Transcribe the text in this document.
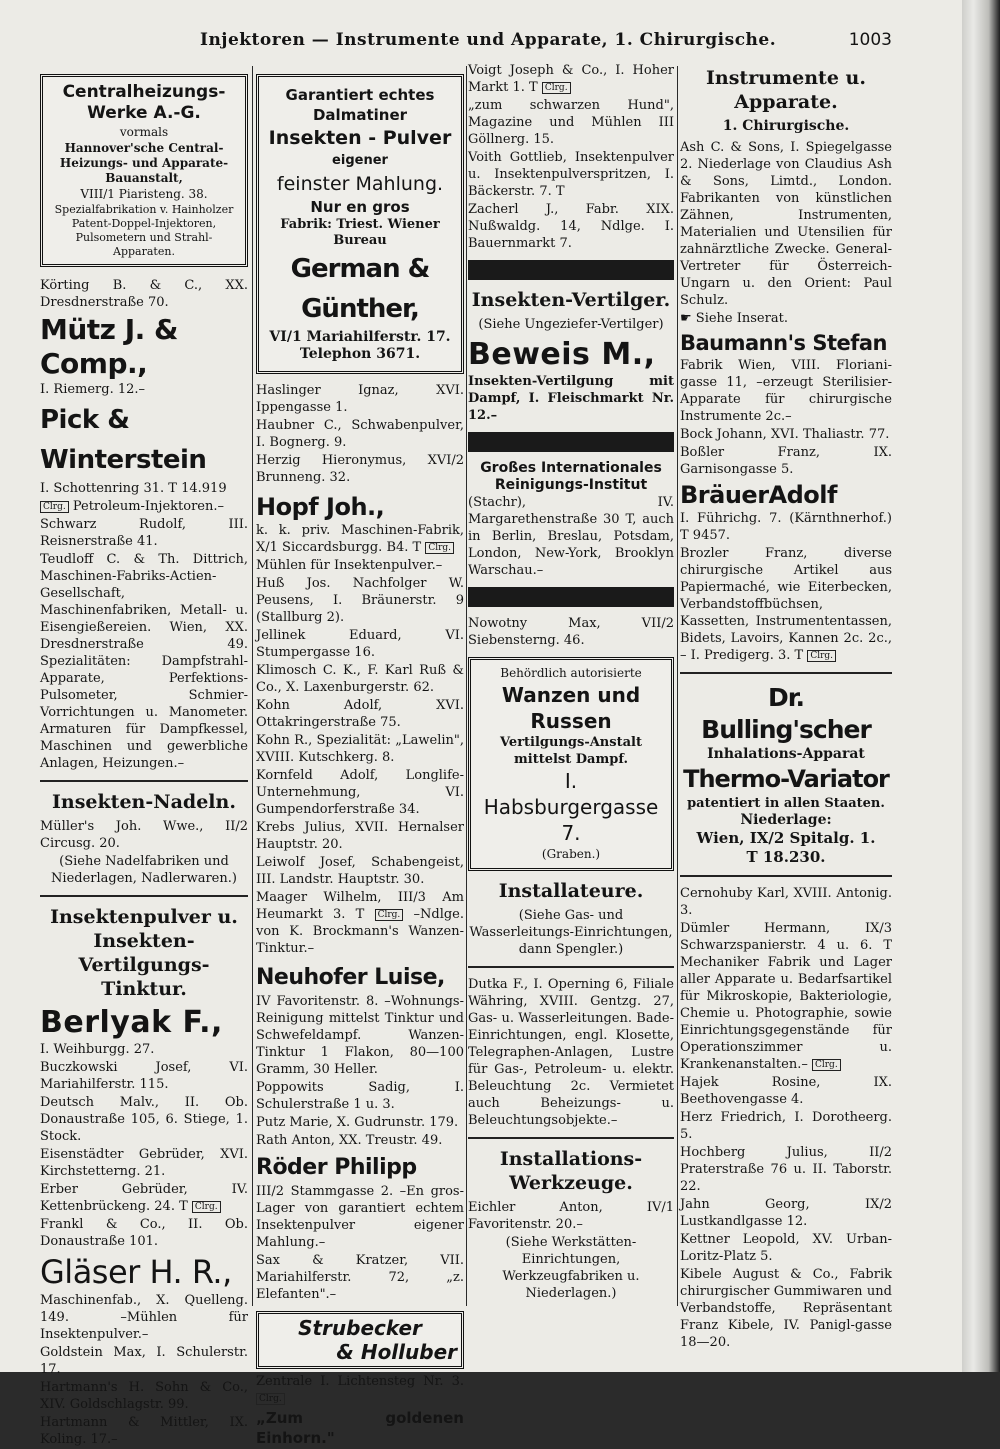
Injektoren — Instrumente und Apparate, 1. Chirurgische.	1003
Centralheizungs-
Werke A.-G.
vormals
Hannover'sche Central-Heizungs- und Apparate-Bauanstalt,
VIII/1 Piaristeng. 38.
Spezialfabrikation v. Hainholzer Patent-Doppel-Injektoren, Pulsometern und Strahl-Apparaten.

Körting B. & C., XX. Dresdnerstraße 70.

Mütz J. & Comp.,

I. Riemerg. 12.–

Pick & Winterstein

I. Schottenring 31. T 14.919

Clrg. Petroleum-Injektoren.–

Schwarz Rudolf, III. Reisnerstraße 41.

Teudloff C. & Th. Dittrich, Maschinen-Fabriks-Actien-Gesellschaft, Maschinenfabriken, Metall- u. Eisengießereien. Wien, XX. Dresdnerstraße 49. Spezialitäten: Dampfstrahl-Apparate, Perfektions-Pulsometer, Schmier-Vorrichtungen u. Manometer. Armaturen für Dampfkessel, Maschinen und gewerbliche Anlagen, Heizungen.–

Insekten-Nadeln.

Müller's Joh. Wwe., II/2 Circusg. 20.

(Siehe Nadelfabriken und Niederlagen, Nadlerwaren.)

Insektenpulver u. Insekten-Vertilgungs-Tinktur.
Berlyak F.,

I. Weihburgg. 27.

Buczkowski Josef, VI. Mariahilferstr. 115.

Deutsch Malv., II. Ob. Donaustraße 105, 6. Stiege, 1. Stock.

Eisenstädter Gebrüder, XVI. Kirchstetterng. 21.

Erber Gebrüder, IV. Kettenbrückeng. 24. T Clrg.

Frankl & Co., II. Ob. Donaustraße 101.

Gläser H. R.,

Maschinenfab., X. Quelleng. 149. –Mühlen für Insektenpulver.–

Goldstein Max, I. Schulerstr. 17.

Hartmann's H. Sohn & Co., XIV. Goldschlagstr. 99.

Hartmann & Mittler, IX. Koling. 17.–

Garantiert echtes
Dalmatiner
Insekten - Pulver
eigener
feinster Mahlung.
Nur en gros
Fabrik: Triest. Wiener Bureau
German & Günther,
VI/1 Mariahilferstr. 17.
Telephon 3671.

Haslinger Ignaz, XVI. Ippengasse 1.

Haubner C., Schwabenpulver, I. Bognerg. 9.

Herzig Hieronymus, XVI/2 Brunneng. 32.

Hopf Joh.,

k. k. priv. Maschinen-Fabrik, X/1 Siccardsburgg. B4. T Clrg.

Mühlen für Insektenpulver.–

Huß Jos. Nachfolger W. Peusens, I. Bräunerstr. 9 (Stallburg 2).

Jellinek Eduard, VI. Stumpergasse 16.

Klimosch C. K., F. Karl Ruß & Co., X. Laxenburgerstr. 62.

Kohn Adolf, XVI. Ottakringerstraße 75.

Kohn R., Spezialität: „Lawelin", XVIII. Kutschkerg. 8.

Kornfeld Adolf, Longlife-Unternehmung, VI. Gumpendorferstraße 34.

Krebs Julius, XVII. Hernalser Hauptstr. 20.

Leiwolf Josef, Schabengeist, III. Landstr. Hauptstr. 30.

Maager Wilhelm, III/3 Am Heumarkt 3. T Clrg. –Ndlge. von K. Brockmann's Wanzen-Tinktur.–

Neuhofer Luise,

IV Favoritenstr. 8. –Wohnungs-Reinigung mittelst Tinktur und Schwefeldampf. Wanzen-Tinktur 1 Flakon, 80—100 Gramm, 30 Heller.

Poppowits Sadig, I. Schulerstraße 1 u. 3.

Putz Marie, X. Gudrunstr. 179.

Rath Anton, XX. Treustr. 49.

Röder Philipp

III/2 Stammgasse 2. –En gros-Lager von garantiert echtem Insektenpulver eigener Mahlung.–

Sax & Kratzer, VII. Mariahilferstr. 72, „z. Elefanten".–

Strubecker
& Holluber

Zentrale I. Lichtensteg Nr. 3. Clrg.

„Zum goldenen Einhorn."

Voigt Joseph & Co., I. Hoher Markt 1. T Clrg.

„zum schwarzen Hund", Magazine und Mühlen III Göllnerg. 15.

Voith Gottlieb, Insektenpulver u. Insektenpulverspritzen, I. Bäckerstr. 7. T

Zacherl J., Fabr. XIX. Nußwaldg. 14, Ndlge. I. Bauernmarkt 7.

Insekten-Vertilger.

(Siehe Ungeziefer-Vertilger)

Beweis M.,

Insekten-Vertilgung mit Dampf, I. Fleischmarkt Nr. 12.–

Großes Internationales Reinigungs-Institut
(Stachr), IV. Margarethenstraße 30 T, auch in Berlin, Breslau, Potsdam, London, New-York, Brooklyn Warschau.–

Nowotny Max, VII/2 Siebensterng. 46.

Behördlich autorisierte
Wanzen und Russen
Vertilgungs-Anstalt mittelst Dampf.
I. Habsburgergasse 7.
(Graben.)
Installateure.

(Siehe Gas- und Wasserleitungs-Einrichtungen, dann Spengler.)

Dutka F., I. Operning 6, Filiale Währing, XVIII. Gentzg. 27, Gas- u. Wasserleitungen. Bade-Einrichtungen, engl. Klosette, Telegraphen-Anlagen, Lustre für Gas-, Petroleum- u. elektr. Beleuchtung 2c. Vermietet auch Beheizungs- u. Beleuchtungsobjekte.–

Installations-Werkzeuge.

Eichler Anton, IV/1 Favoritenstr. 20.–

(Siehe Werkstätten-Einrichtungen, Werkzeugfabriken u. Niederlagen.)

Instrumente u. Apparate.
1. Chirurgische.

Ash C. & Sons, I. Spiegelgasse 2. Niederlage von Claudius Ash & Sons, Limtd., London. Fabrikanten von künstlichen Zähnen, Instrumenten, Materialien und Utensilien für zahnärztliche Zwecke. General-Vertreter für Österreich-Ungarn u. den Orient: Paul Schulz.

☛ Siehe Inserat.

Baumann's Stefan

Fabrik Wien, VIII. Floriani-gasse 11, –erzeugt Sterilisier-Apparate für chirurgische Instrumente 2c.–

Bock Johann, XVI. Thaliastr. 77.

Boßler Franz, IX. Garnisongasse 5.

BräuerAdolf

I. Führichg. 7. (Kärnthnerhof.) T 9457.

Brozler Franz, diverse chirurgische Artikel aus Papiermaché, wie Eiterbecken, Verbandstoffbüchsen, Kassetten, Instrumententassen, Bidets, Lavoirs, Kannen 2c. 2c., – I. Predigerg. 3. T Clrg.

Dr. Bulling'scher
Inhalations-Apparat
Thermo-Variator
patentiert in allen Staaten.
Niederlage:
Wien, IX/2 Spitalg. 1.
T 18.230.

Cernohuby Karl, XVIII. Antonig. 3.

Dümler Hermann, IX/3 Schwarzspanierstr. 4 u. 6. T Mechaniker Fabrik und Lager aller Apparate u. Bedarfsartikel für Mikroskopie, Bakteriologie, Chemie u. Photographie, sowie Einrichtungsgegenstände für Operationszimmer u. Krankenanstalten.– Clrg.

Hajek Rosine, IX. Beethovengasse 4.

Herz Friedrich, I. Dorotheerg. 5.

Hochberg Julius, II/2 Praterstraße 76 u. II. Taborstr. 22.

Jahn Georg, IX/2 Lustkandlgasse 12.

Kettner Leopold, XV. Urban-Loritz-Platz 5.

Kibele August & Co., Fabrik chirurgischer Gummiwaren und Verbandstoffe, Repräsentant Franz Kibele, IV. Panigl-gasse 18—20.
